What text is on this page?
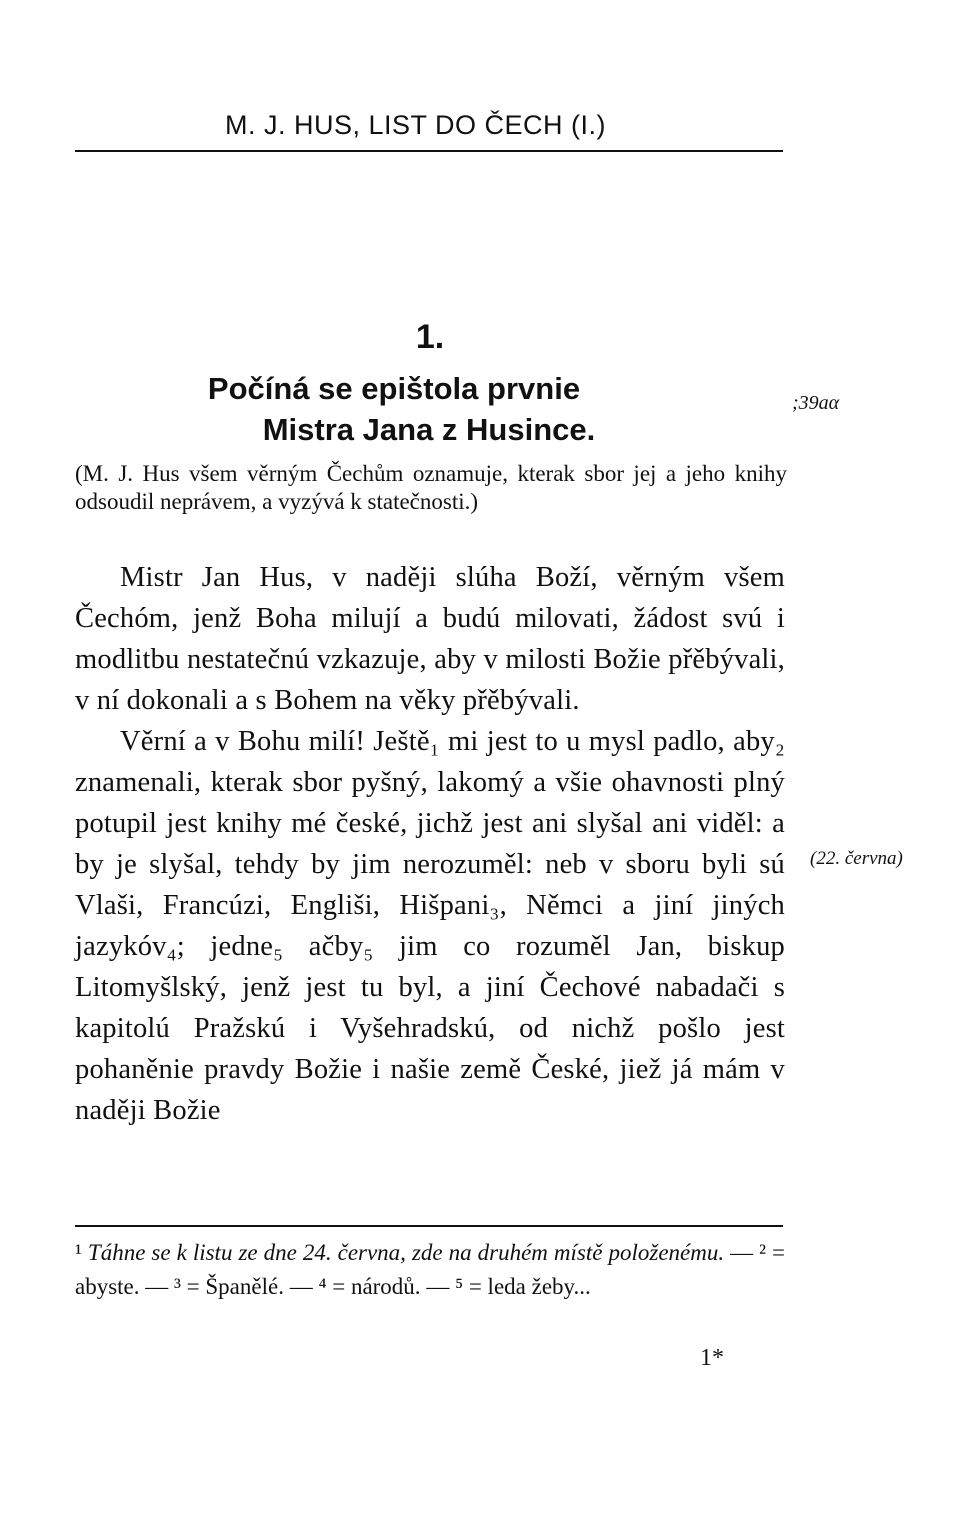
M. J. HUS, LIST DO ČECH (I.)
1.
Počíná se epištola prvnie
Mistra Jana z Husince.
;39aα
(22. června)
(M. J. Hus všem věrným Čechům oznamuje, kterak sbor jej a jeho knihy odsoudil neprávem, a vyzývá k statečnosti.)

Mistr Jan Hus, v naději slúha Boží, věrným všem Čechóm, jenž Boha milují a budú milovati, žádost svú i modlitbu nestatečnú vzkazuje, aby v milosti Božie přěbývali, v ní dokonali a s Bohem na věky přěbývali.

Věrní a v Bohu milí! Ještě₁ mi jest to u mysl padlo, aby₂ znamenali, kterak sbor pyšný, lakomý a všie ohavnosti plný potupil jest knihy mé české, jichž jest ani slyšal ani viděl: a by je slyšal, tehdy by jim nerozuměl: neb v sboru byli sú Vlaši, Francúzi, Engliši, Hišpani₃, Němci a jiní jiných jazykóv₄; jedne₅ ačby₅ jim co rozuměl Jan, biskup Litomyšlský, jenž jest tu byl, a jiní Čechové nabadači s kapitolú Pražskú i Vyšehradskú, od nichž pošlo jest pohaněnie pravdy Božie i našie země České, jiež já mám v naději Božie

¹ Táhne se k listu ze dne 24. června, zde na druhém místě položenému. — ² = abyste. — ³ = Španělé. — ⁴ = národů. — ⁵ = leda žeby...
1*
